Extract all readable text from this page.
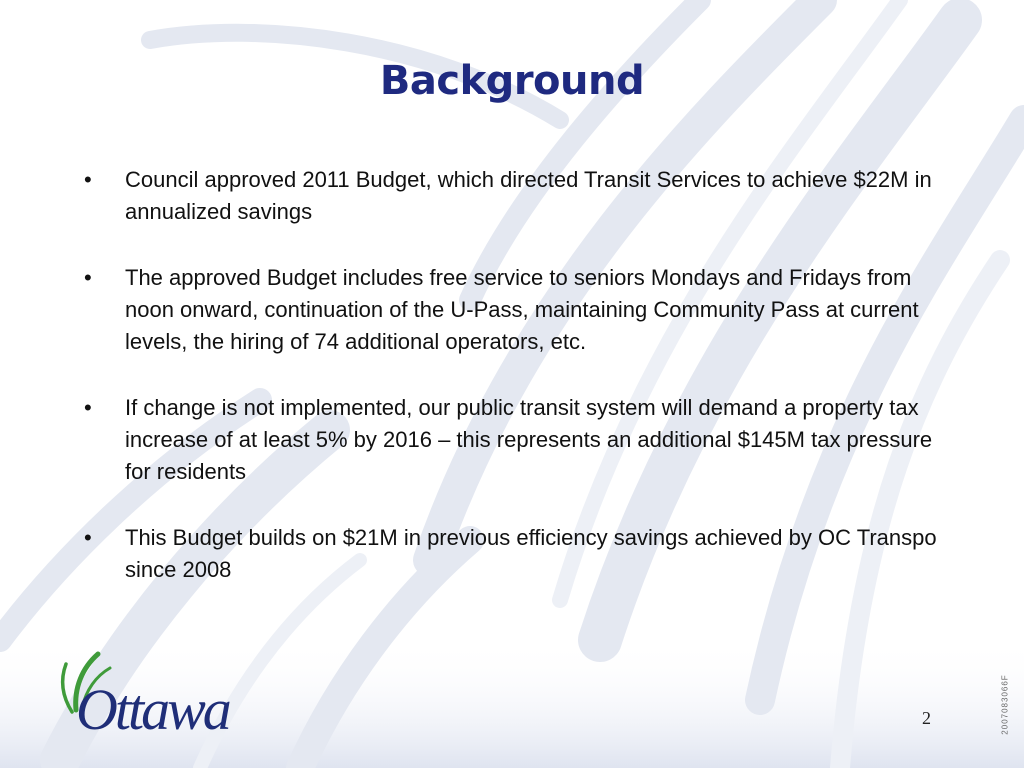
Background
• Council approved 2011 Budget, which directed Transit Services to achieve $22M in annualized savings
• The approved Budget includes free service to seniors Mondays and Fridays from noon onward, continuation of the U-Pass, maintaining Community Pass at current levels, the hiring of 74 additional operators, etc.
• If change is not implemented, our public transit system will demand a property tax increase of at least 5% by 2016 – this represents an additional $145M tax pressure for residents
• This Budget builds on $21M in previous efficiency savings achieved by OC Transpo since 2008
Ottawa	2	2007083066F
